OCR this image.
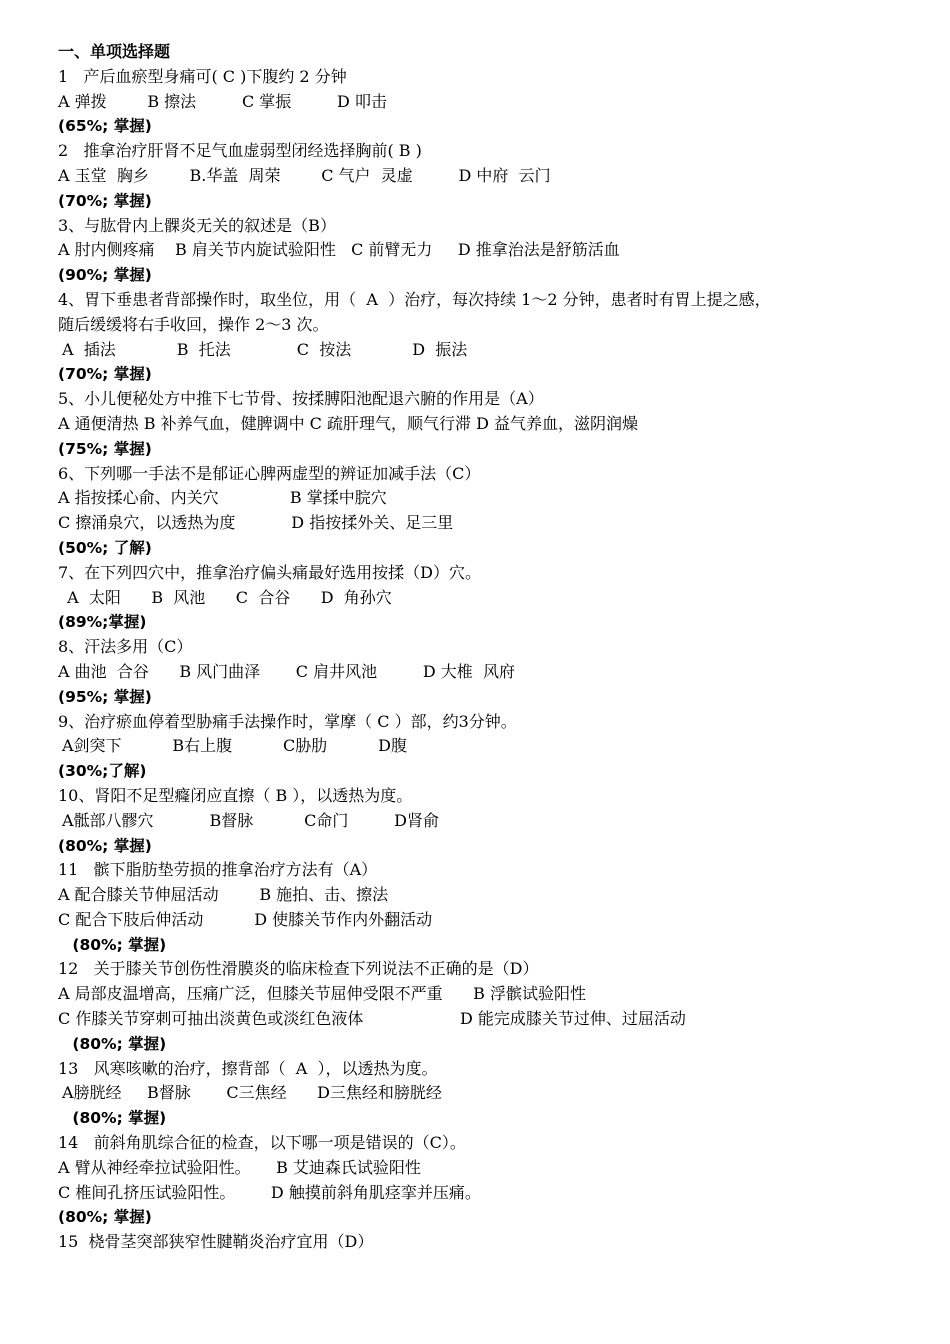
一、单项选择题
1   产后血瘀型身痛可( C )下腹约 2 分钟
A 弹拨        B 擦法         C 掌振         D 叩击
(65%; 掌握)
2   推拿治疗肝肾不足气血虚弱型闭经选择胸前( B )
A 玉堂  胸乡        B.华盖  周荣        C 气户  灵虚         D 中府  云门
(70%; 掌握)
3、与肱骨内上髁炎无关的叙述是（B）
A 肘内侧疼痛    B 肩关节内旋试验阳性   C 前臂无力     D 推拿治法是舒筋活血
(90%; 掌握)
4、胃下垂患者背部操作时，取坐位，用（  A  ）治疗，每次持续 1～2 分钟，患者时有胃上提之感，
随后缓缓将右手收回，操作 2～3 次。
A  插法            B  托法             C  按法            D  振法
(70%; 掌握)
5、小儿便秘处方中推下七节骨、按揉膊阳池配退六腑的作用是（A）
A 通便清热 B 补养气血，健脾调中 C 疏肝理气，顺气行滞 D 益气养血，滋阴润燥
(75%; 掌握)
6、下列哪一手法不是郁证心脾两虚型的辨证加减手法（C）
A 指按揉心俞、内关穴              B 掌揉中脘穴
C 擦涌泉穴，以透热为度           D 指按揉外关、足三里
(50%; 了解)
7、在下列四穴中，推拿治疗偏头痛最好选用按揉（D）穴。
A  太阳      B  风池      C  合谷      D  角孙穴
(89%;掌握)
8、汗法多用（C）
A 曲池  合谷      B 风门曲泽       C 肩井风池         D 大椎  风府
(95%; 掌握)
9、治疗瘀血停着型胁痛手法操作时，掌摩（ C ）部，约3分钟。
A剑突下          B右上腹          C胁肋          D腹
(30%;了解)
10、肾阳不足型癃闭应直擦（ B ），以透热为度。
A骶部八髎穴           B督脉          C命门         D肾俞
(80%; 掌握)
11   髌下脂肪垫劳损的推拿治疗方法有（A）
A 配合膝关节伸屈活动        B 施拍、击、擦法
C 配合下肢后伸活动          D 使膝关节作内外翻活动
(80%; 掌握)
12   关于膝关节创伤性滑膜炎的临床检查下列说法不正确的是（D）
A 局部皮温增高，压痛广泛，但膝关节屈伸受限不严重      B 浮髌试验阳性
C 作膝关节穿刺可抽出淡黄色或淡红色液体                   D 能完成膝关节过伸、过屈活动
(80%; 掌握)
13   风寒咳嗽的治疗，擦背部（  A  ），以透热为度。
A膀胱经     B督脉       C三焦经      D三焦经和膀胱经
(80%; 掌握)
14   前斜角肌综合征的检查，以下哪一项是错误的（C）。
A 臂从神经牵拉试验阳性。     B 艾迪森氏试验阳性
C 椎间孔挤压试验阳性。       D 触摸前斜角肌痉挛并压痛。
(80%; 掌握)
15  桡骨茎突部狭窄性腱鞘炎治疗宜用（D）
